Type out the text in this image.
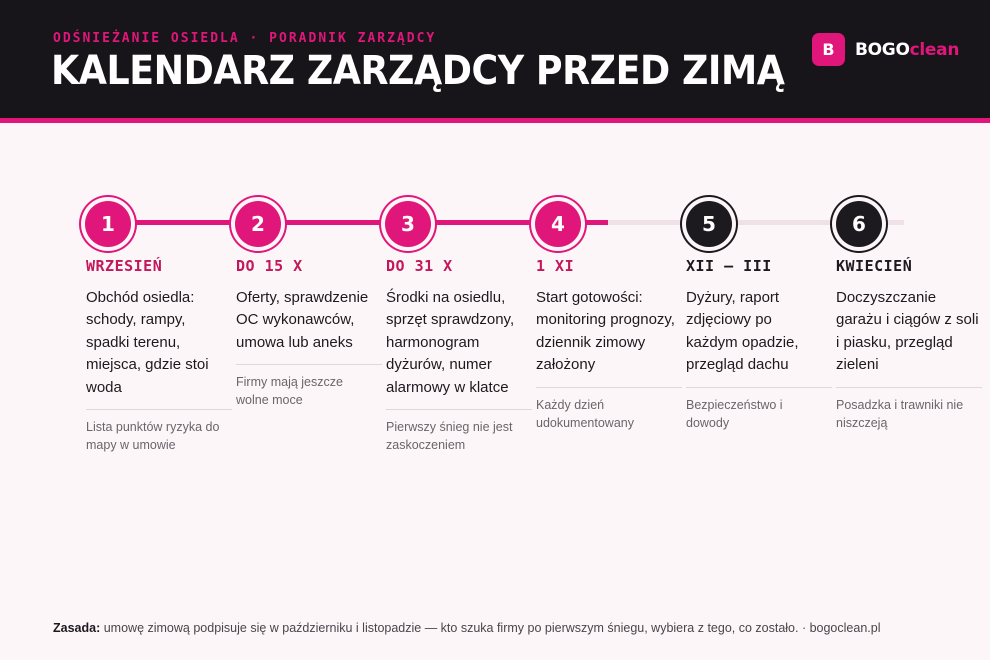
ODŚNIEŻANIE OSIEDLA · PORADNIK ZARZĄDCY
KALENDARZ ZARZĄDCY PRZED ZIMĄ	B	BOGOclean
1	2	3	4	5	6
WRZESIEŃ
Obchód osiedla: schody, rampy, spadki terenu, miejsca, gdzie stoi woda
Lista punktów ryzyka do mapy w umowie
DO 15 X
Oferty, sprawdzenie OC wykonawców, umowa lub aneks
Firmy mają jeszcze wolne moce
DO 31 X
Środki na osiedlu, sprzęt sprawdzony, harmonogram dyżurów, numer alarmowy w klatce
Pierwszy śnieg nie jest zaskoczeniem
1 XI
Start gotowości: monitoring prognozy, dziennik zimowy założony
Każdy dzień udokumentowany
XII – III
Dyżury, raport zdjęciowy po każdym opadzie, przegląd dachu
Bezpieczeństwo i dowody
KWIECIEŃ
Doczyszczanie garażu i ciągów z soli i piasku, przegląd zieleni
Posadzka i trawniki nie niszczeją
Zasada: umowę zimową podpisuje się w październiku i listopadzie — kto szuka firmy po pierwszym śniegu, wybiera z tego, co zostało. · bogoclean.pl
